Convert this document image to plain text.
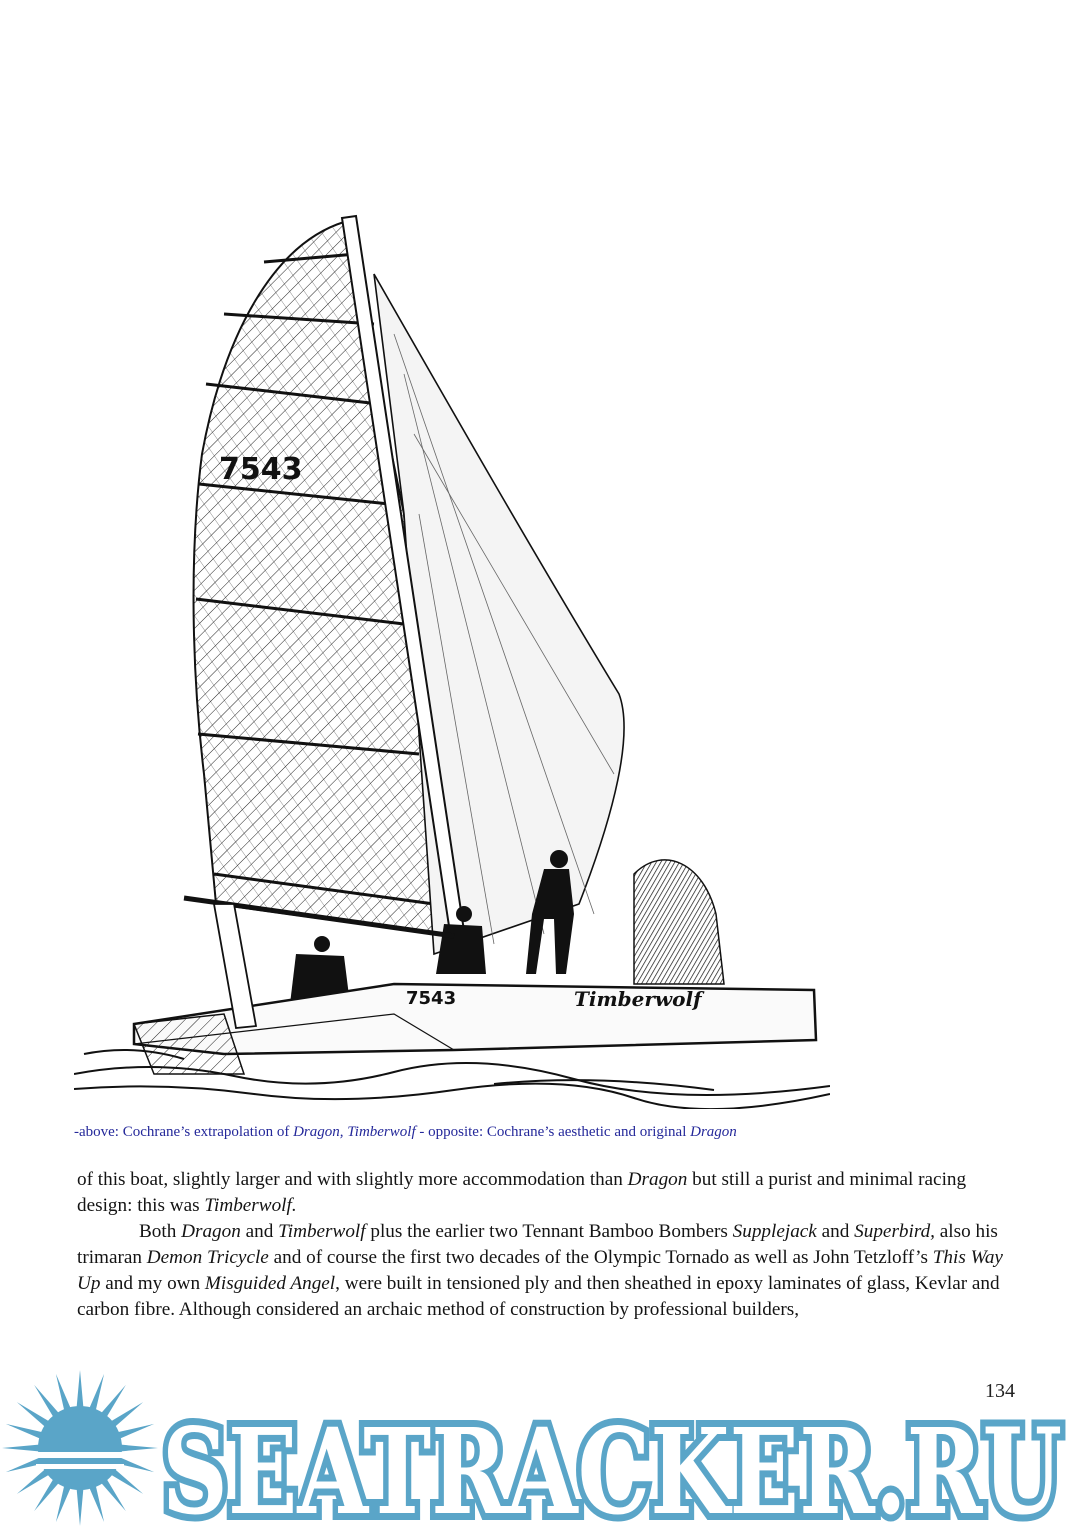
7543
7543	Timberwolf
-above: Cochrane’s extrapolation of Dragon, Timberwolf - opposite: Cochrane’s aesthetic and original Dragon

of this boat, slightly larger and with slightly more accommodation than Dragon but still a purist and minimal racing design: this was Timberwolf.

Both Dragon and Timberwolf plus the earlier two Tennant Bamboo Bombers Supplejack and Superbird, also his trimaran Demon Tricycle and of course the first two decades of the Olympic Tornado as well as John Tetzloff’s This Way Up and my own Misguided Angel, were built in tensioned ply and then sheathed in epoxy laminates of glass, Kevlar and carbon fibre. Although considered an archaic method of construction by professional builders,

134
SEATRACKER.RU
